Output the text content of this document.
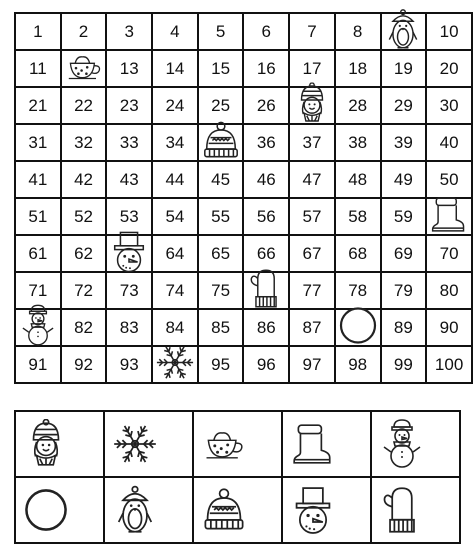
1	2	3	4	5	6	7	8		10
11		13	14	15	16	17	18	19	20
21	22	23	24	25	26		28	29	30
31	32	33	34		36	37	38	39	40
41	42	43	44	45	46	47	48	49	50
51	52	53	54	55	56	57	58	59	

61	62		64	65	66	67	68	69	70
71	72	73	74	75		77	78	79	80

	82	83	84	85	86	87		89	90
91	92	93		95	96	97	98	99	100
